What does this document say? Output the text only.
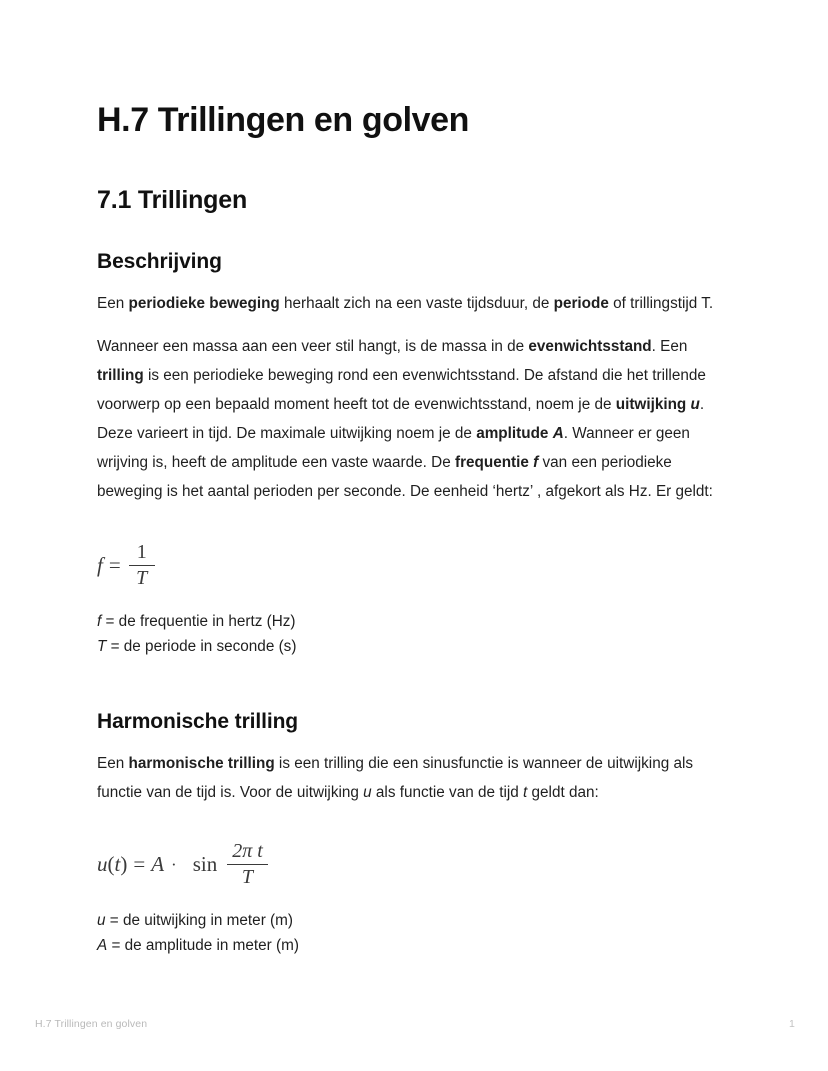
H.7 Trillingen en golven
7.1 Trillingen
Beschrijving

Een periodieke beweging herhaalt zich na een vaste tijdsduur, de periode of trillingstijd T.

Wanneer een massa aan een veer stil hangt, is de massa in de evenwichtsstand. Een trilling is een periodieke beweging rond een evenwichtsstand. De afstand die het trillende voorwerp op een bepaald moment heeft tot de evenwichtsstand, noem je de uitwijking u. Deze varieert in tijd. De maximale uitwijking noem je de amplitude A. Wanneer er geen wrijving is, heeft de amplitude een vaste waarde. De frequentie f van een periodieke beweging is het aantal perioden per seconde. De eenheid ‘hertz’ , afgekort als Hz. Er geldt:

$f = \frac{1}{T}$
f = de frequentie in hertz (Hz)
T = de periode in seconde (s)
Harmonische trilling

Een harmonische trilling is een trilling die een sinusfunctie is wanneer de uitwijking als functie van de tijd is. Voor de uitwijking u als functie van de tijd t geldt dan:

u ( t ) = $A \cdot \sin \frac{\text{2π t}}{T}$
u = de uitwijking in meter (m)
A = de amplitude in meter (m)
H.7 Trillingen en golven	1
